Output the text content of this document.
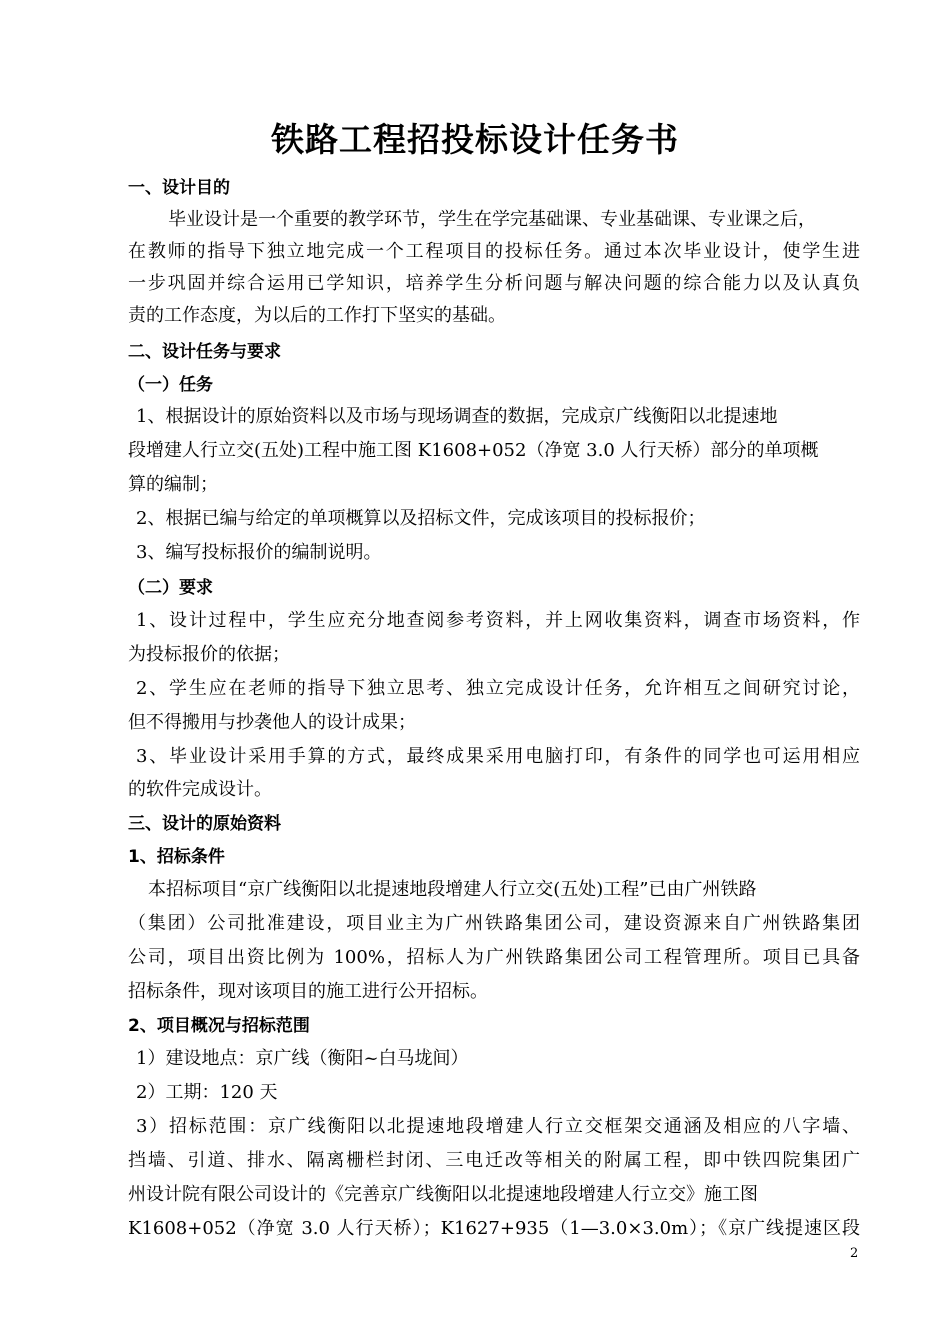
铁路工程招投标设计任务书
一、设计目的
毕业设计是一个重要的教学环节，学生在学完基础课、专业基础课、专业课之后，
在教师的指导下独立地完成一个工程项目的投标任务。通过本次毕业设计，使学生进
一步巩固并综合运用已学知识，培养学生分析问题与解决问题的综合能力以及认真负
责的工作态度，为以后的工作打下坚实的基础。
二、设计任务与要求
（一）任务
1、根据设计的原始资料以及市场与现场调查的数据，完成京广线衡阳以北提速地
段增建人行立交(五处)工程中施工图 K1608+052（净宽 3.0 人行天桥）部分的单项概
算的编制；
2、根据已编与给定的单项概算以及招标文件，完成该项目的投标报价；
3、编写投标报价的编制说明。
（二）要求
1、设计过程中，学生应充分地查阅参考资料，并上网收集资料，调查市场资料，作
为投标报价的依据；
2、学生应在老师的指导下独立思考、独立完成设计任务，允许相互之间研究讨论，
但不得搬用与抄袭他人的设计成果；
3、毕业设计采用手算的方式，最终成果采用电脑打印，有条件的同学也可运用相应
的软件完成设计。
三、设计的原始资料
1、招标条件
本招标项目“京广线衡阳以北提速地段增建人行立交(五处)工程”已由广州铁路
（集团）公司批准建设，项目业主为广州铁路集团公司，建设资源来自广州铁路集团
公司，项目出资比例为 100%，招标人为广州铁路集团公司工程管理所。项目已具备
招标条件，现对该项目的施工进行公开招标。
2、项目概况与招标范围
1）建设地点：京广线（衡阳~白马垅间）
2）工期：120 天
3）招标范围：京广线衡阳以北提速地段增建人行立交框架交通涵及相应的八字墙、
挡墙、引道、排水、隔离栅栏封闭、三电迁改等相关的附属工程，即中铁四院集团广
州设计院有限公司设计的《完善京广线衡阳以北提速地段增建人行立交》施工图
K1608+052（净宽 3.0 人行天桥）；K1627+935（1—3.0×3.0m）；《京广线提速区段
2
